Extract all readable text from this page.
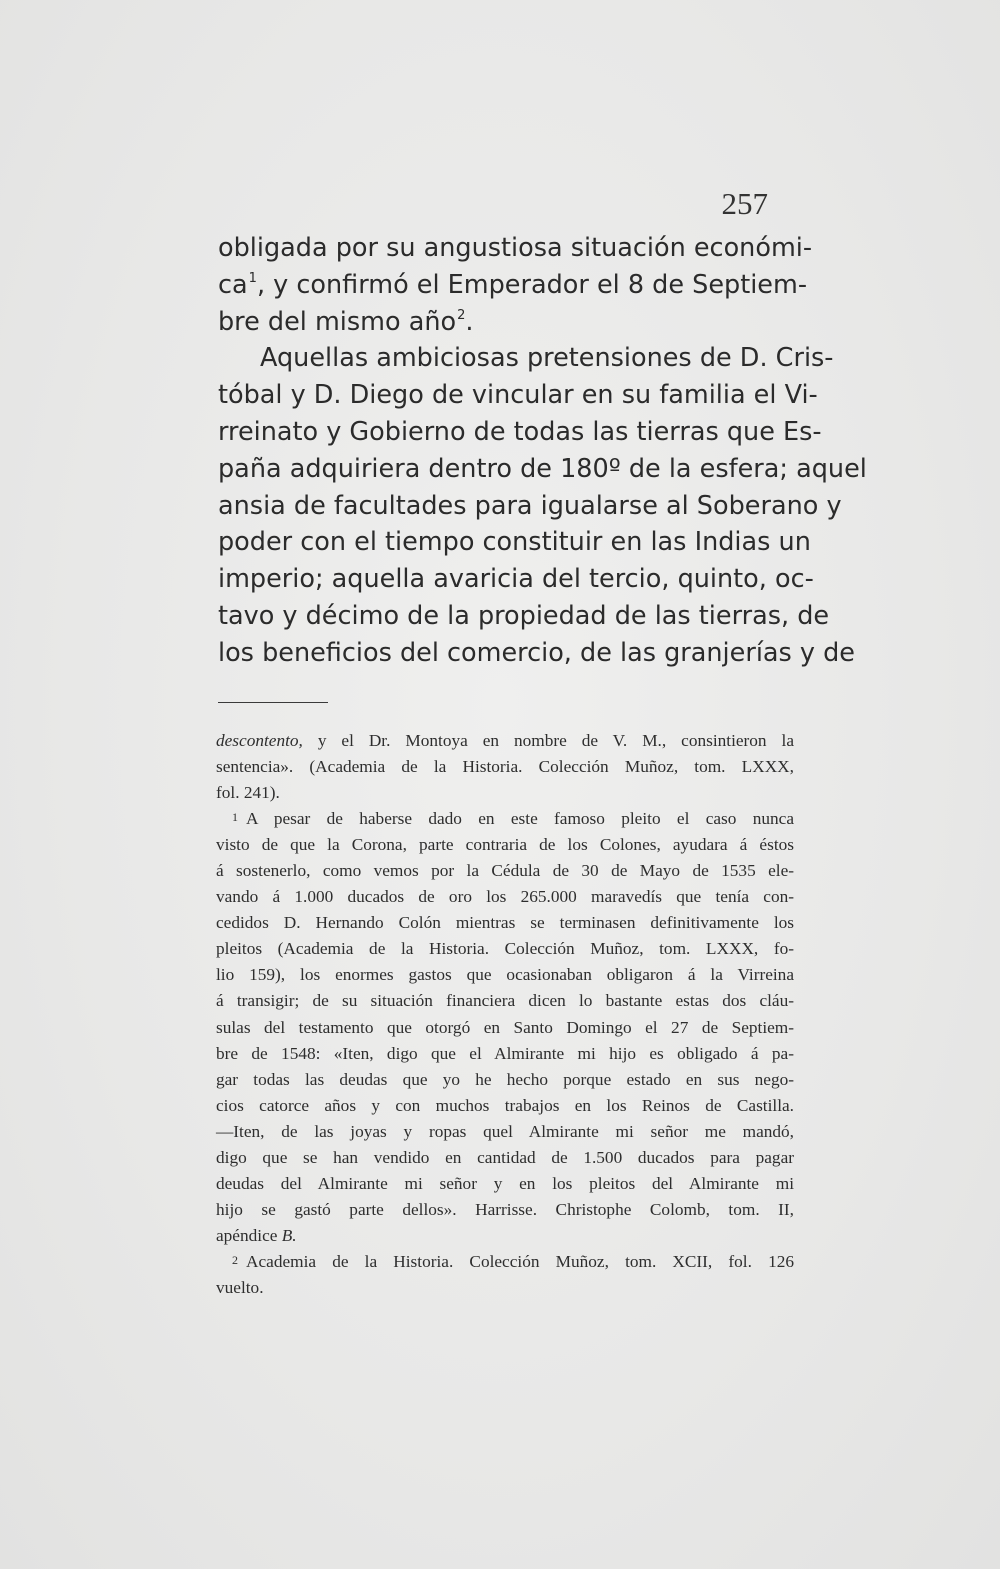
257
obligada por su angustiosa situación económi-
ca$^1$, y confirmó el Emperador el 8 de Septiem-
bre del mismo año$^2$.
Aquellas ambiciosas pretensiones de D. Cris-
tóbal y D. Diego de vincular en su familia el Vi-
rreinato y Gobierno de todas las tierras que Es-
paña adquiriera dentro de 180º de la esfera; aquel
ansia de facultades para igualarse al Soberano y
poder con el tiempo constituir en las Indias un
imperio; aquella avaricia del tercio, quinto, oc-
tavo y décimo de la propiedad de las tierras, de
los beneficios del comercio, de las granjerías y de
descontento, y el Dr. Montoya en nombre de V. M., consintieron la
sentencia». (Academia de la Historia. Colección Muñoz, tom. LXXX,
fol. 241).
1 A pesar de haberse dado en este famoso pleito el caso nunca
visto de que la Corona, parte contraria de los Colones, ayudara á éstos
á sostenerlo, como vemos por la Cédula de 30 de Mayo de 1535 ele-
vando á 1.000 ducados de oro los 265.000 maravedís que tenía con-
cedidos D. Hernando Colón mientras se terminasen definitivamente los
pleitos (Academia de la Historia. Colección Muñoz, tom. LXXX, fo-
lio 159), los enormes gastos que ocasionaban obligaron á la Virreina
á transigir; de su situación financiera dicen lo bastante estas dos cláu-
sulas del testamento que otorgó en Santo Domingo el 27 de Septiem-
bre de 1548: «Iten, digo que el Almirante mi hijo es obligado á pa-
gar todas las deudas que yo he hecho porque estado en sus nego-
cios catorce años y con muchos trabajos en los Reinos de Castilla.
—Iten, de las joyas y ropas quel Almirante mi señor me mandó,
digo que se han vendido en cantidad de 1.500 ducados para pagar
deudas del Almirante mi señor y en los pleitos del Almirante mi
hijo se gastó parte dellos». Harrisse. Christophe Colomb, tom. II,
apéndice B.
2 Academia de la Historia. Colección Muñoz, tom. XCII, fol. 126
vuelto.
